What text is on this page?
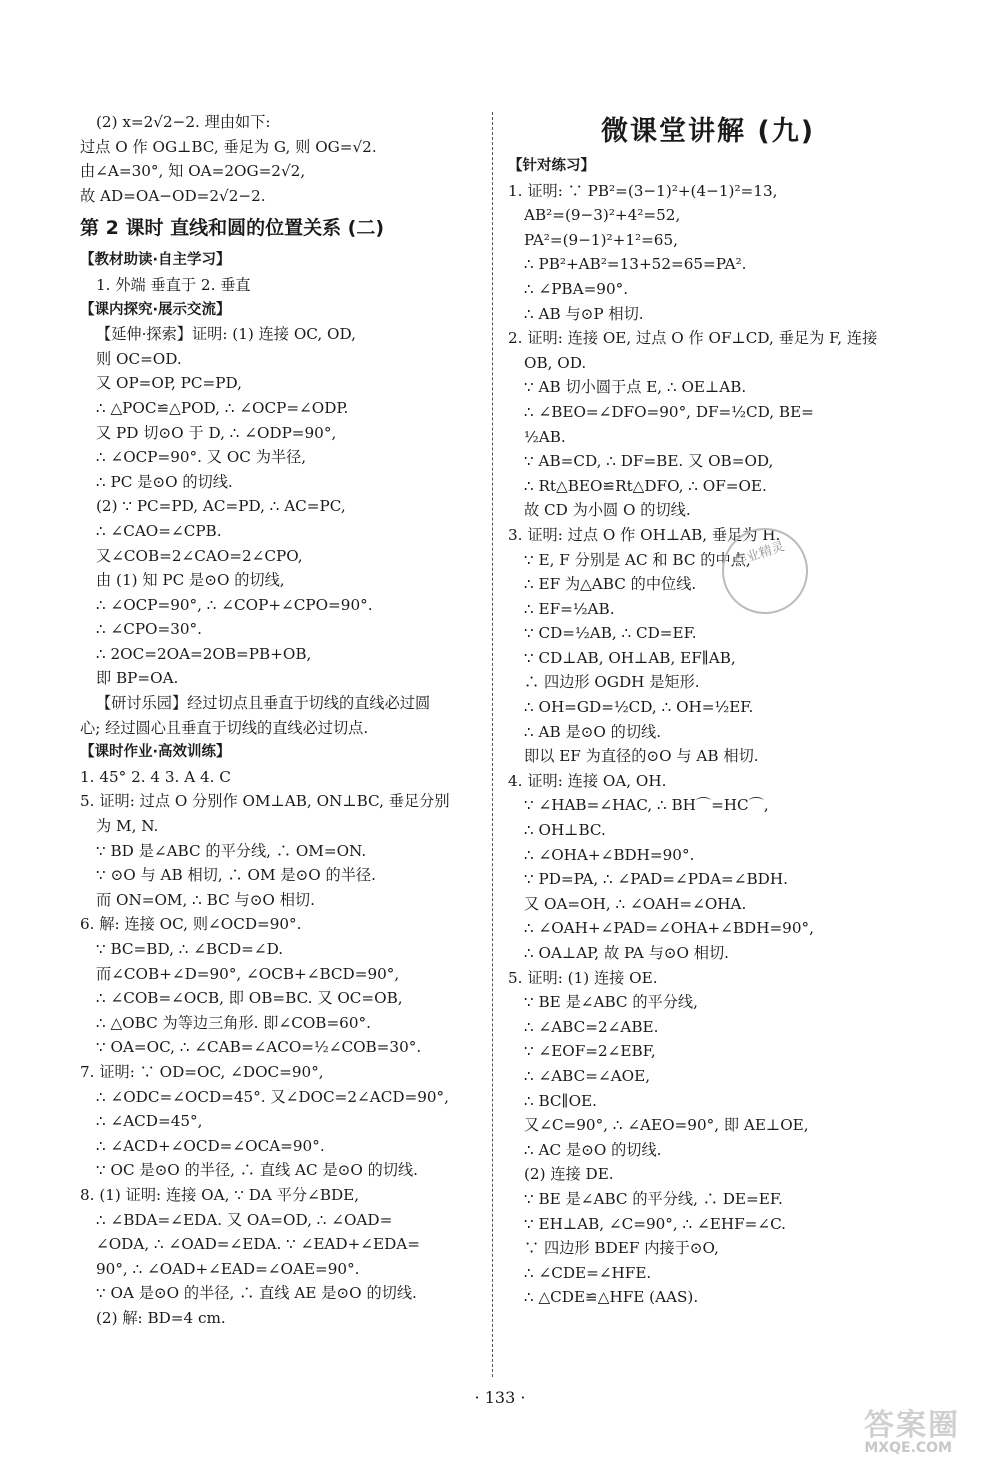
(2) x=2√2−2. 理由如下:
过点 O 作 OG⊥BC, 垂足为 G, 则 OG=√2.
由∠A=30°, 知 OA=2OG=2√2,
故 AD=OA−OD=2√2−2.
第 2 课时 直线和圆的位置关系 (二)
【教材助读·自主学习】
1. 外端 垂直于 2. 垂直
【课内探究·展示交流】
【延伸·探索】证明: (1) 连接 OC, OD,
则 OC=OD.
又 OP=OP, PC=PD,
∴ △POC≌△POD, ∴ ∠OCP=∠ODP.
又 PD 切⊙O 于 D, ∴ ∠ODP=90°,
∴ ∠OCP=90°. 又 OC 为半径,
∴ PC 是⊙O 的切线.
(2) ∵ PC=PD, AC=PD, ∴ AC=PC,
∴ ∠CAO=∠CPB.
又∠COB=2∠CAO=2∠CPO,
由 (1) 知 PC 是⊙O 的切线,
∴ ∠OCP=90°, ∴ ∠COP+∠CPO=90°.
∴ ∠CPO=30°.
∴ 2OC=2OA=2OB=PB+OB,
即 BP=OA.
【研讨乐园】经过切点且垂直于切线的直线必过圆
心; 经过圆心且垂直于切线的直线必过切点.
【课时作业·高效训练】
1. 45° 2. 4 3. A 4. C
5. 证明: 过点 O 分别作 OM⊥AB, ON⊥BC, 垂足分别
为 M, N.
∵ BD 是∠ABC 的平分线, ∴ OM=ON.
∵ ⊙O 与 AB 相切, ∴ OM 是⊙O 的半径.
而 ON=OM, ∴ BC 与⊙O 相切.
6. 解: 连接 OC, 则∠OCD=90°.
∵ BC=BD, ∴ ∠BCD=∠D.
而∠COB+∠D=90°, ∠OCB+∠BCD=90°,
∴ ∠COB=∠OCB, 即 OB=BC. 又 OC=OB,
∴ △OBC 为等边三角形. 即∠COB=60°.
∵ OA=OC, ∴ ∠CAB=∠ACO=½∠COB=30°.
7. 证明: ∵ OD=OC, ∠DOC=90°,
∴ ∠ODC=∠OCD=45°. 又∠DOC=2∠ACD=90°,
∴ ∠ACD=45°,
∴ ∠ACD+∠OCD=∠OCA=90°.
∵ OC 是⊙O 的半径, ∴ 直线 AC 是⊙O 的切线.
8. (1) 证明: 连接 OA, ∵ DA 平分∠BDE,
∴ ∠BDA=∠EDA. 又 OA=OD, ∴ ∠OAD=
∠ODA, ∴ ∠OAD=∠EDA. ∵ ∠EAD+∠EDA=
90°, ∴ ∠OAD+∠EAD=∠OAE=90°.
∵ OA 是⊙O 的半径, ∴ 直线 AE 是⊙O 的切线.
(2) 解: BD=4 cm.
微课堂讲解 (九)
【针对练习】
1. 证明: ∵ PB²=(3−1)²+(4−1)²=13,
AB²=(9−3)²+4²=52,
PA²=(9−1)²+1²=65,
∴ PB²+AB²=13+52=65=PA².
∴ ∠PBA=90°.
∴ AB 与⊙P 相切.
2. 证明: 连接 OE, 过点 O 作 OF⊥CD, 垂足为 F, 连接
OB, OD.
∵ AB 切小圆于点 E, ∴ OE⊥AB.
∴ ∠BEO=∠DFO=90°, DF=½CD, BE=
½AB.
∵ AB=CD, ∴ DF=BE. 又 OB=OD,
∴ Rt△BEO≌Rt△DFO, ∴ OF=OE.
故 CD 为小圆 O 的切线.
3. 证明: 过点 O 作 OH⊥AB, 垂足为 H.
∵ E, F 分别是 AC 和 BC 的中点,
∴ EF 为△ABC 的中位线.
∴ EF=½AB.
∵ CD=½AB, ∴ CD=EF.
∵ CD⊥AB, OH⊥AB, EF∥AB,
∴ 四边形 OGDH 是矩形.
∴ OH=GD=½CD, ∴ OH=½EF.
∴ AB 是⊙O 的切线.
即以 EF 为直径的⊙O 与 AB 相切.
4. 证明: 连接 OA, OH.
∵ ∠HAB=∠HAC, ∴ BH⌒=HC⌒,
∴ OH⊥BC.
∴ ∠OHA+∠BDH=90°.
∵ PD=PA, ∴ ∠PAD=∠PDA=∠BDH.
又 OA=OH, ∴ ∠OAH=∠OHA.
∴ ∠OAH+∠PAD=∠OHA+∠BDH=90°,
∴ OA⊥AP, 故 PA 与⊙O 相切.
5. 证明: (1) 连接 OE.
∵ BE 是∠ABC 的平分线,
∴ ∠ABC=2∠ABE.
∵ ∠EOF=2∠EBF,
∴ ∠ABC=∠AOE,
∴ BC∥OE.
又∠C=90°, ∴ ∠AEO=90°, 即 AE⊥OE,
∴ AC 是⊙O 的切线.
(2) 连接 DE.
∵ BE 是∠ABC 的平分线, ∴ DE=EF.
∵ EH⊥AB, ∠C=90°, ∴ ∠EHF=∠C.
∵ 四边形 BDEF 内接于⊙O,
∴ ∠CDE=∠HFE.
∴ △CDE≌△HFE (AAS).
作业精灵
· 133 ·
答案圈
MXQE.COM
